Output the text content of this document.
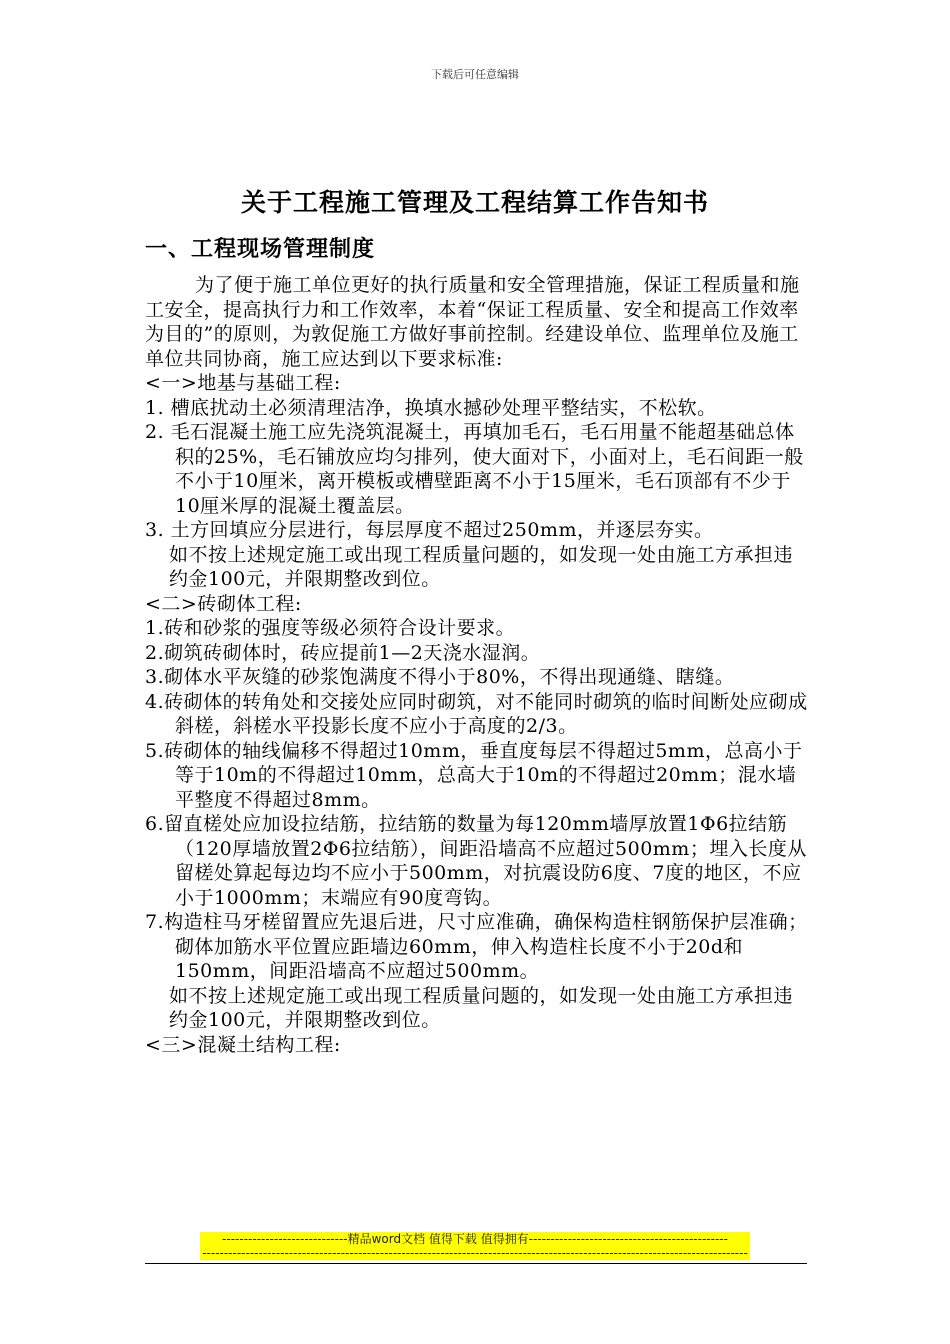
下载后可任意编辑
关于工程施工管理及工程结算工作告知书
一、工程现场管理制度

为了便于施工单位更好的执行质量和安全管理措施，保证工程质量和施工安全，提高执行力和工作效率，本着“保证工程质量、安全和提高工作效率为目的”的原则，为敦促施工方做好事前控制。经建设单位、监理单位及施工单位共同协商，施工应达到以下要求标准:

<一>地基与基础工程:

1. 槽底扰动土必须清理洁净，换填水撼砂处理平整结实，不松软。

2. 毛石混凝土施工应先浇筑混凝土，再填加毛石，毛石用量不能超基础总体积的25%，毛石铺放应均匀排列，使大面对下，小面对上，毛石间距一般不小于10厘米，离开模板或槽壁距离不小于15厘米，毛石顶部有不少于10厘米厚的混凝土覆盖层。

3. 土方回填应分层进行，每层厚度不超过250mm，并逐层夯实。

如不按上述规定施工或出现工程质量问题的，如发现一处由施工方承担违约金100元，并限期整改到位。

<二>砖砌体工程:

1.砖和砂浆的强度等级必须符合设计要求。

2.砌筑砖砌体时，砖应提前1—2天浇水湿润。

3.砌体水平灰缝的砂浆饱满度不得小于80%，不得出现通缝、瞎缝。

4.砖砌体的转角处和交接处应同时砌筑，对不能同时砌筑的临时间断处应砌成斜槎，斜槎水平投影长度不应小于高度的2/3。

5.砖砌体的轴线偏移不得超过10mm，垂直度每层不得超过5mm，总高小于等于10m的不得超过10mm，总高大于10m的不得超过20mm；混水墙平整度不得超过8mm。

6.留直槎处应加设拉结筋，拉结筋的数量为每120mm墙厚放置1Φ6拉结筋（120厚墙放置2Φ6拉结筋），间距沿墙高不应超过500mm；埋入长度从留槎处算起每边均不应小于500mm，对抗震设防6度、7度的地区，不应小于1000mm；末端应有90度弯钩。

7.构造柱马牙槎留置应先退后进，尺寸应准确，确保构造柱钢筋保护层准确；砌体加筋水平位置应距墙边60mm，伸入构造柱长度不小于20d和150mm，间距沿墙高不应超过500mm。

如不按上述规定施工或出现工程质量问题的，如发现一处由施工方承担违约金100元，并限期整改到位。

<三>混凝土结构工程:

-----------------------------精品word文档 值得下载 值得拥有----------------------------------------------
------------------------------------------------------------------------------------------------------------------------------
